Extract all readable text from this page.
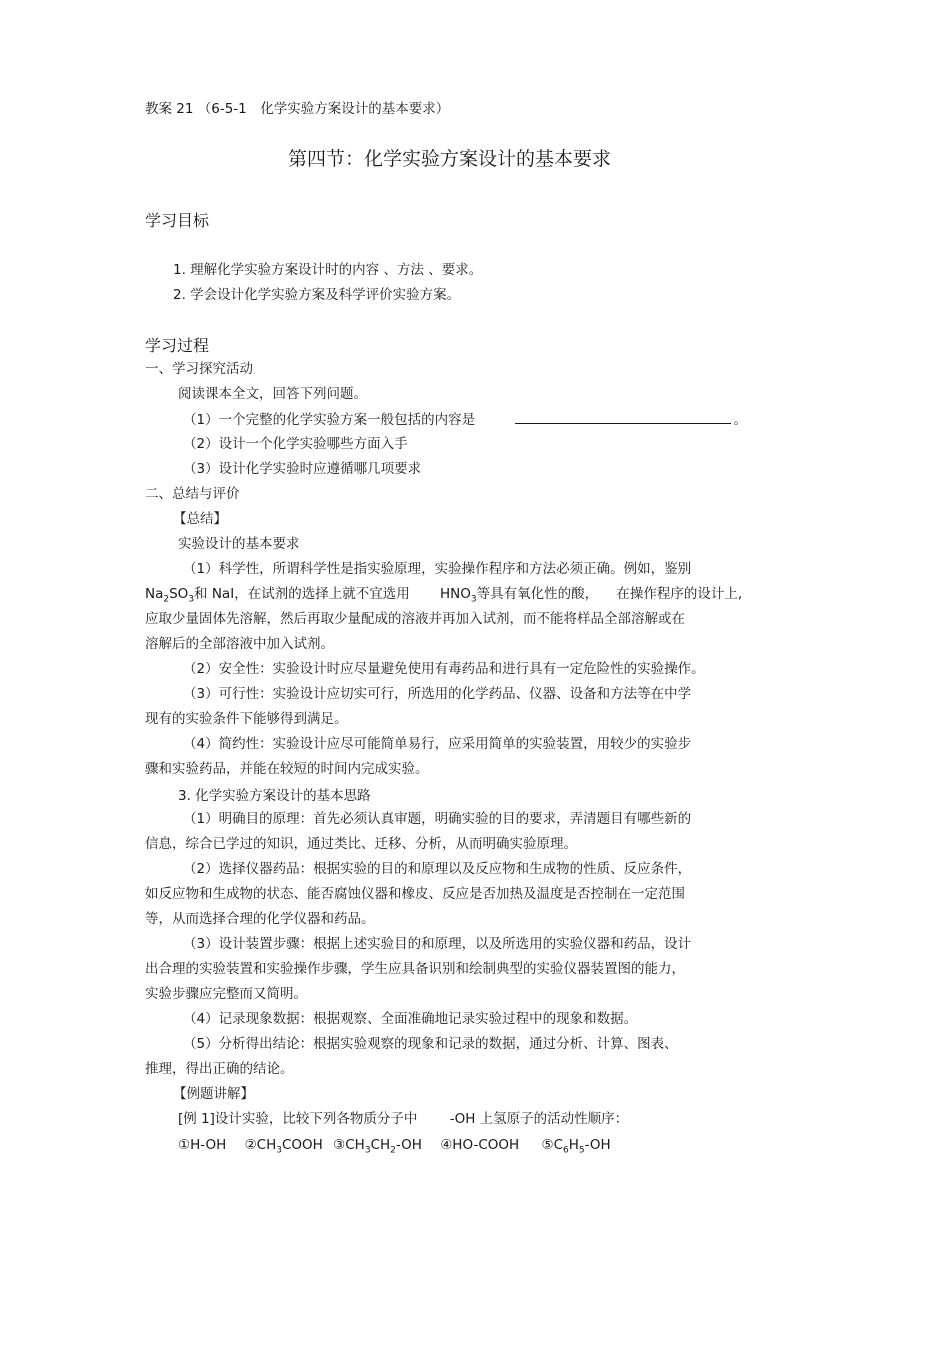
教案 21 （6-5-1　化学实验方案设计的基本要求）
第四节：化学实验方案设计的基本要求
学习目标
1. 理解化学实验方案设计时的内容 、方法 、要求。
2. 学会设计化学实验方案及科学评价实验方案。
学习过程
一、学习探究活动
阅读课本全文，回答下列问题。
（1）一个完整的化学实验方案一般包括的内容是	。
（2）设计一个化学实验哪些方面入手
（3）设计化学实验时应遵循哪几项要求
二、总结与评价
【总结】
实验设计的基本要求
（1）科学性，所谓科学性是指实验原理，实验操作程序和方法必须正确。例如，鉴别
$Na_2SO_3$和 NaI，在试剂的选择上就不宜选用 $HNO_3$等具有氧化性的酸， 在操作程序的设计上,
应取少量固体先溶解，然后再取少量配成的溶液并再加入试剂，而不能将样品全部溶解或在
溶解后的全部溶液中加入试剂。
（2）安全性：实验设计时应尽量避免使用有毒药品和进行具有一定危险性的实验操作。
（3）可行性：实验设计应切实可行，所选用的化学药品、仪器、设备和方法等在中学
现有的实验条件下能够得到满足。
（4）简约性：实验设计应尽可能简单易行，应采用简单的实验装置，用较少的实验步
骤和实验药品，并能在较短的时间内完成实验。
3. 化学实验方案设计的基本思路
（1）明确目的原理：首先必须认真审题，明确实验的目的要求，弄清题目有哪些新的
信息，综合已学过的知识，通过类比、迁移、分析，从而明确实验原理。
（2）选择仪器药品：根据实验的目的和原理以及反应物和生成物的性质、反应条件，
如反应物和生成物的状态、能否腐蚀仪器和橡皮、反应是否加热及温度是否控制在一定范围
等，从而选择合理的化学仪器和药品。
（3）设计装置步骤：根据上述实验目的和原理，以及所选用的实验仪器和药品，设计
出合理的实验装置和实验操作步骤，学生应具备识别和绘制典型的实验仪器装置图的能力，
实验步骤应完整而又简明。
（4）记录现象数据：根据观察、全面准确地记录实验过程中的现象和数据。
（5）分析得出结论：根据实验观察的现象和记录的数据，通过分析、计算、图表、
推理，得出正确的结论。
【例题讲解】
[例 1]设计实验，比较下列各物质分子中 -OH 上氢原子的活动性顺序：
①H-OH $②CH_3COOH$ $③CH_3CH_2-OH$ ④HO-COOH $⑤C_6H_5-OH$
